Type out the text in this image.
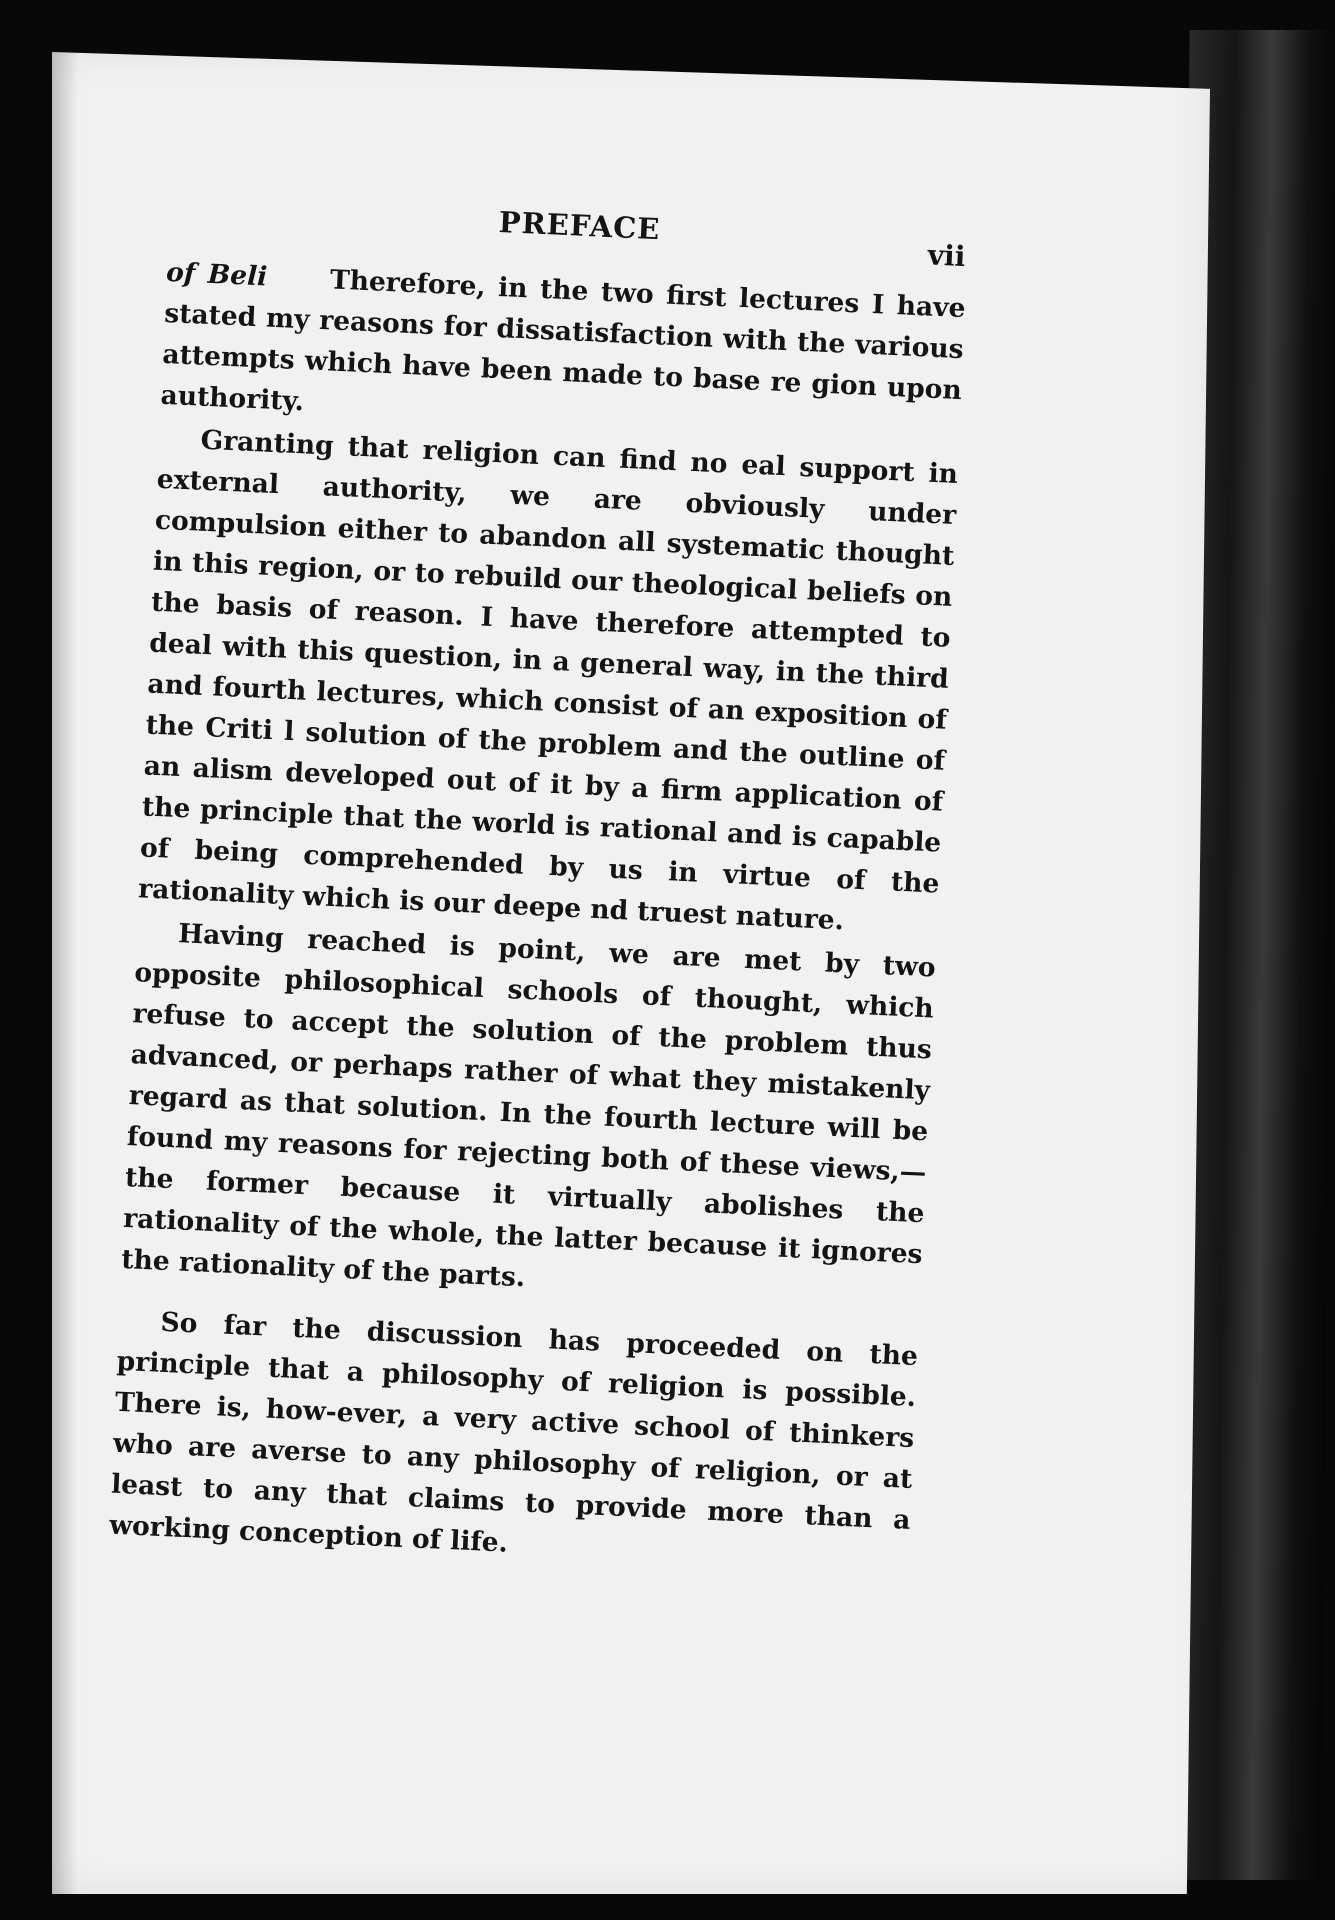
PREFACE
vii

of Beli Therefore, in the two first lectures I have stated my reasons for dissatisfaction with the various attempts which have been made to base re gion upon authority.

Granting that religion can find no eal support in external authority, we are obviously under compulsion either to abandon all systematic thought in this region, or to rebuild our theological beliefs on the basis of reason. I have therefore attempted to deal with this question, in a general way, in the third and fourth lectures, which consist of an exposition of the Criti l solution of the problem and the outline of an alism developed out of it by a firm application of the principle that the world is rational and is capable of being comprehended by us in virtue of the rationality which is our deepe nd truest nature.

Having reached is point, we are met by two opposite philosophical schools of thought, which refuse to accept the solution of the problem thus advanced, or perhaps rather of what they mistakenly regard as that solution. In the fourth lecture will be found my reasons for rejecting both of these views,—the former because it virtually abolishes the rationality of the whole, the latter because it ignores the rationality of the parts.

So far the discussion has proceeded on the principle that a philosophy of religion is possible. There is, how-ever, a very active school of thinkers who are averse to any philosophy of religion, or at least to any that claims to provide more than a working conception of life.
